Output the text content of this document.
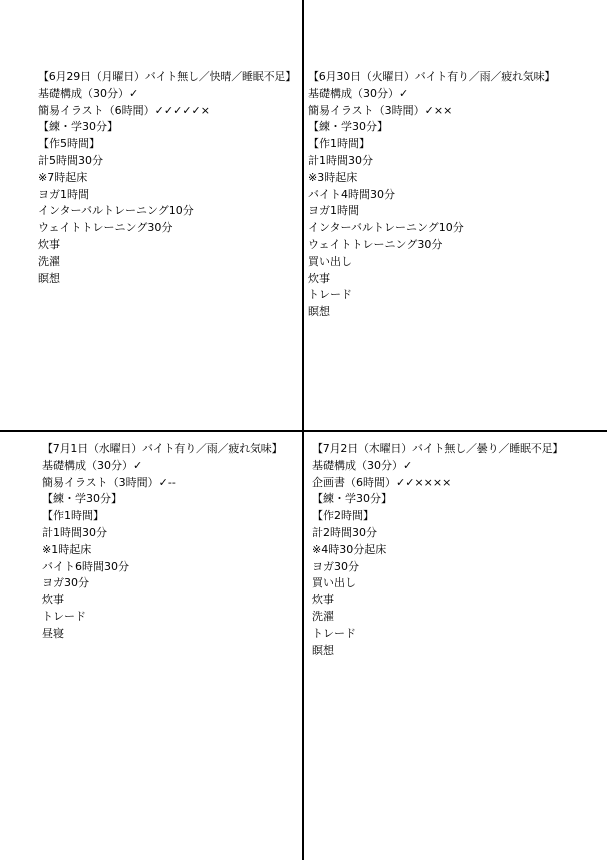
【6月29日（月曜日）バイト無し／快晴／睡眠不足】
基礎構成（30分）✓
簡易イラスト（6時間）✓✓✓✓✓×
【練・学30分】
【作5時間】
計5時間30分
※7時起床
ヨガ1時間
インターバルトレーニング10分
ウェイトトレーニング30分
炊事
洗濯
瞑想
【6月30日（火曜日）バイト有り／雨／疲れ気味】
基礎構成（30分）✓
簡易イラスト（3時間）✓××
【練・学30分】
【作1時間】
計1時間30分
※3時起床
バイト4時間30分
ヨガ1時間
インターバルトレーニング10分
ウェイトトレーニング30分
買い出し
炊事
トレード
瞑想
【7月1日（水曜日）バイト有り／雨／疲れ気味】
基礎構成（30分）✓
簡易イラスト（3時間）✓--
【練・学30分】
【作1時間】
計1時間30分
※1時起床
バイト6時間30分
ヨガ30分
炊事
トレード
昼寝
【7月2日（木曜日）バイト無し／曇り／睡眠不足】
基礎構成（30分）✓
企画書（6時間）✓✓××××
【練・学30分】
【作2時間】
計2時間30分
※4時30分起床
ヨガ30分
買い出し
炊事
洗濯
トレード
瞑想
